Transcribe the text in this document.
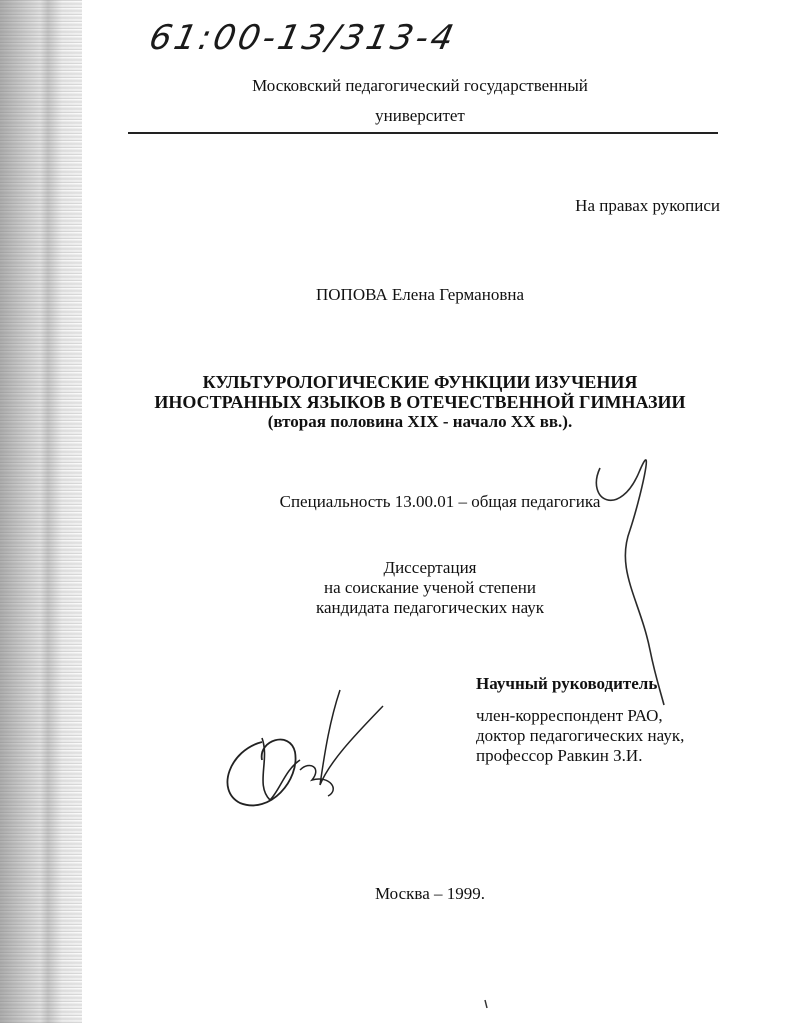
61:00-13/313-4
Московский педагогический государственный
университет
На правах рукописи
ПОПОВА Елена Германовна
КУЛЬТУРОЛОГИЧЕСКИЕ ФУНКЦИИ ИЗУЧЕНИЯ
ИНОСТРАННЫХ ЯЗЫКОВ В ОТЕЧЕСТВЕННОЙ ГИМНАЗИИ
(вторая половина XIX - начало XX вв.).
Специальность 13.00.01 – общая педагогика
Диссертация
на соискание ученой степени
кандидата педагогических наук
Научный руководитель
член-корреспондент РАО,
доктор педагогических наук,
профессор Равкин З.И.
Москва – 1999.
